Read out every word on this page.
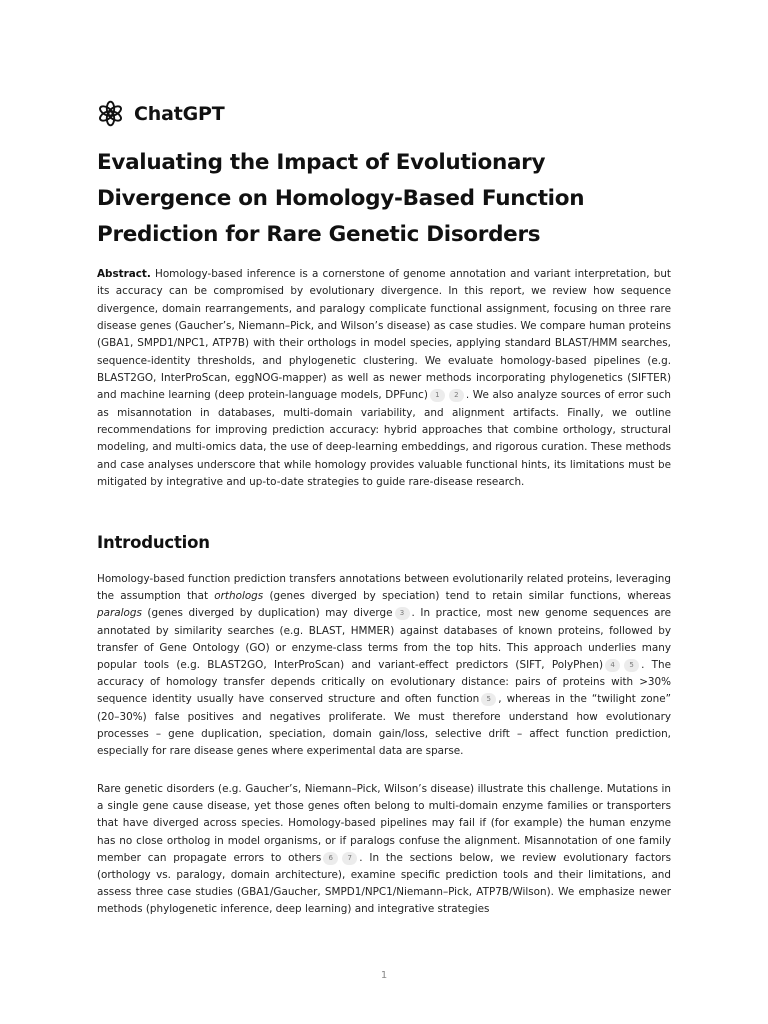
ChatGPT
Evaluating the Impact of Evolutionary Divergence on Homology-Based Function Prediction for Rare Genetic Disorders

Abstract. Homology-based inference is a cornerstone of genome annotation and variant interpretation, but its accuracy can be compromised by evolutionary divergence. In this report, we review how sequence divergence, domain rearrangements, and paralogy complicate functional assignment, focusing on three rare disease genes (Gaucher’s, Niemann–Pick, and Wilson’s disease) as case studies. We compare human proteins (GBA1, SMPD1/NPC1, ATP7B) with their orthologs in model species, applying standard BLAST/HMM searches, sequence-identity thresholds, and phylogenetic clustering. We evaluate homology-based pipelines (e.g. BLAST2GO, InterProScan, eggNOG-mapper) as well as newer methods incorporating phylogenetics (SIFTER) and machine learning (deep protein-language models, DPFunc) 1 2 . We also analyze sources of error such as misannotation in databases, multi-domain variability, and alignment artifacts. Finally, we outline recommendations for improving prediction accuracy: hybrid approaches that combine orthology, structural modeling, and multi-omics data, the use of deep-learning embeddings, and rigorous curation. These methods and case analyses underscore that while homology provides valuable functional hints, its limitations must be mitigated by integrative and up-to-date strategies to guide rare-disease research.

Introduction

Homology-based function prediction transfers annotations between evolutionarily related proteins, leveraging the assumption that orthologs (genes diverged by speciation) tend to retain similar functions, whereas paralogs (genes diverged by duplication) may diverge 3 . In practice, most new genome sequences are annotated by similarity searches (e.g. BLAST, HMMER) against databases of known proteins, followed by transfer of Gene Ontology (GO) or enzyme-class terms from the top hits. This approach underlies many popular tools (e.g. BLAST2GO, InterProScan) and variant-effect predictors (SIFT, PolyPhen) 4 5 . The accuracy of homology transfer depends critically on evolutionary distance: pairs of proteins with >30% sequence identity usually have conserved structure and often function 5 , whereas in the “twilight zone” (20–30%) false positives and negatives proliferate. We must therefore understand how evolutionary processes – gene duplication, speciation, domain gain/loss, selective drift – affect function prediction, especially for rare disease genes where experimental data are sparse.

Rare genetic disorders (e.g. Gaucher’s, Niemann–Pick, Wilson’s disease) illustrate this challenge. Mutations in a single gene cause disease, yet those genes often belong to multi-domain enzyme families or transporters that have diverged across species. Homology-based pipelines may fail if (for example) the human enzyme has no close ortholog in model organisms, or if paralogs confuse the alignment. Misannotation of one family member can propagate errors to others 6 7 . In the sections below, we review evolutionary factors (orthology vs. paralogy, domain architecture), examine specific prediction tools and their limitations, and assess three case studies (GBA1/Gaucher, SMPD1/NPC1/Niemann–Pick, ATP7B/Wilson). We emphasize newer methods (phylogenetic inference, deep learning) and integrative strategies

1
